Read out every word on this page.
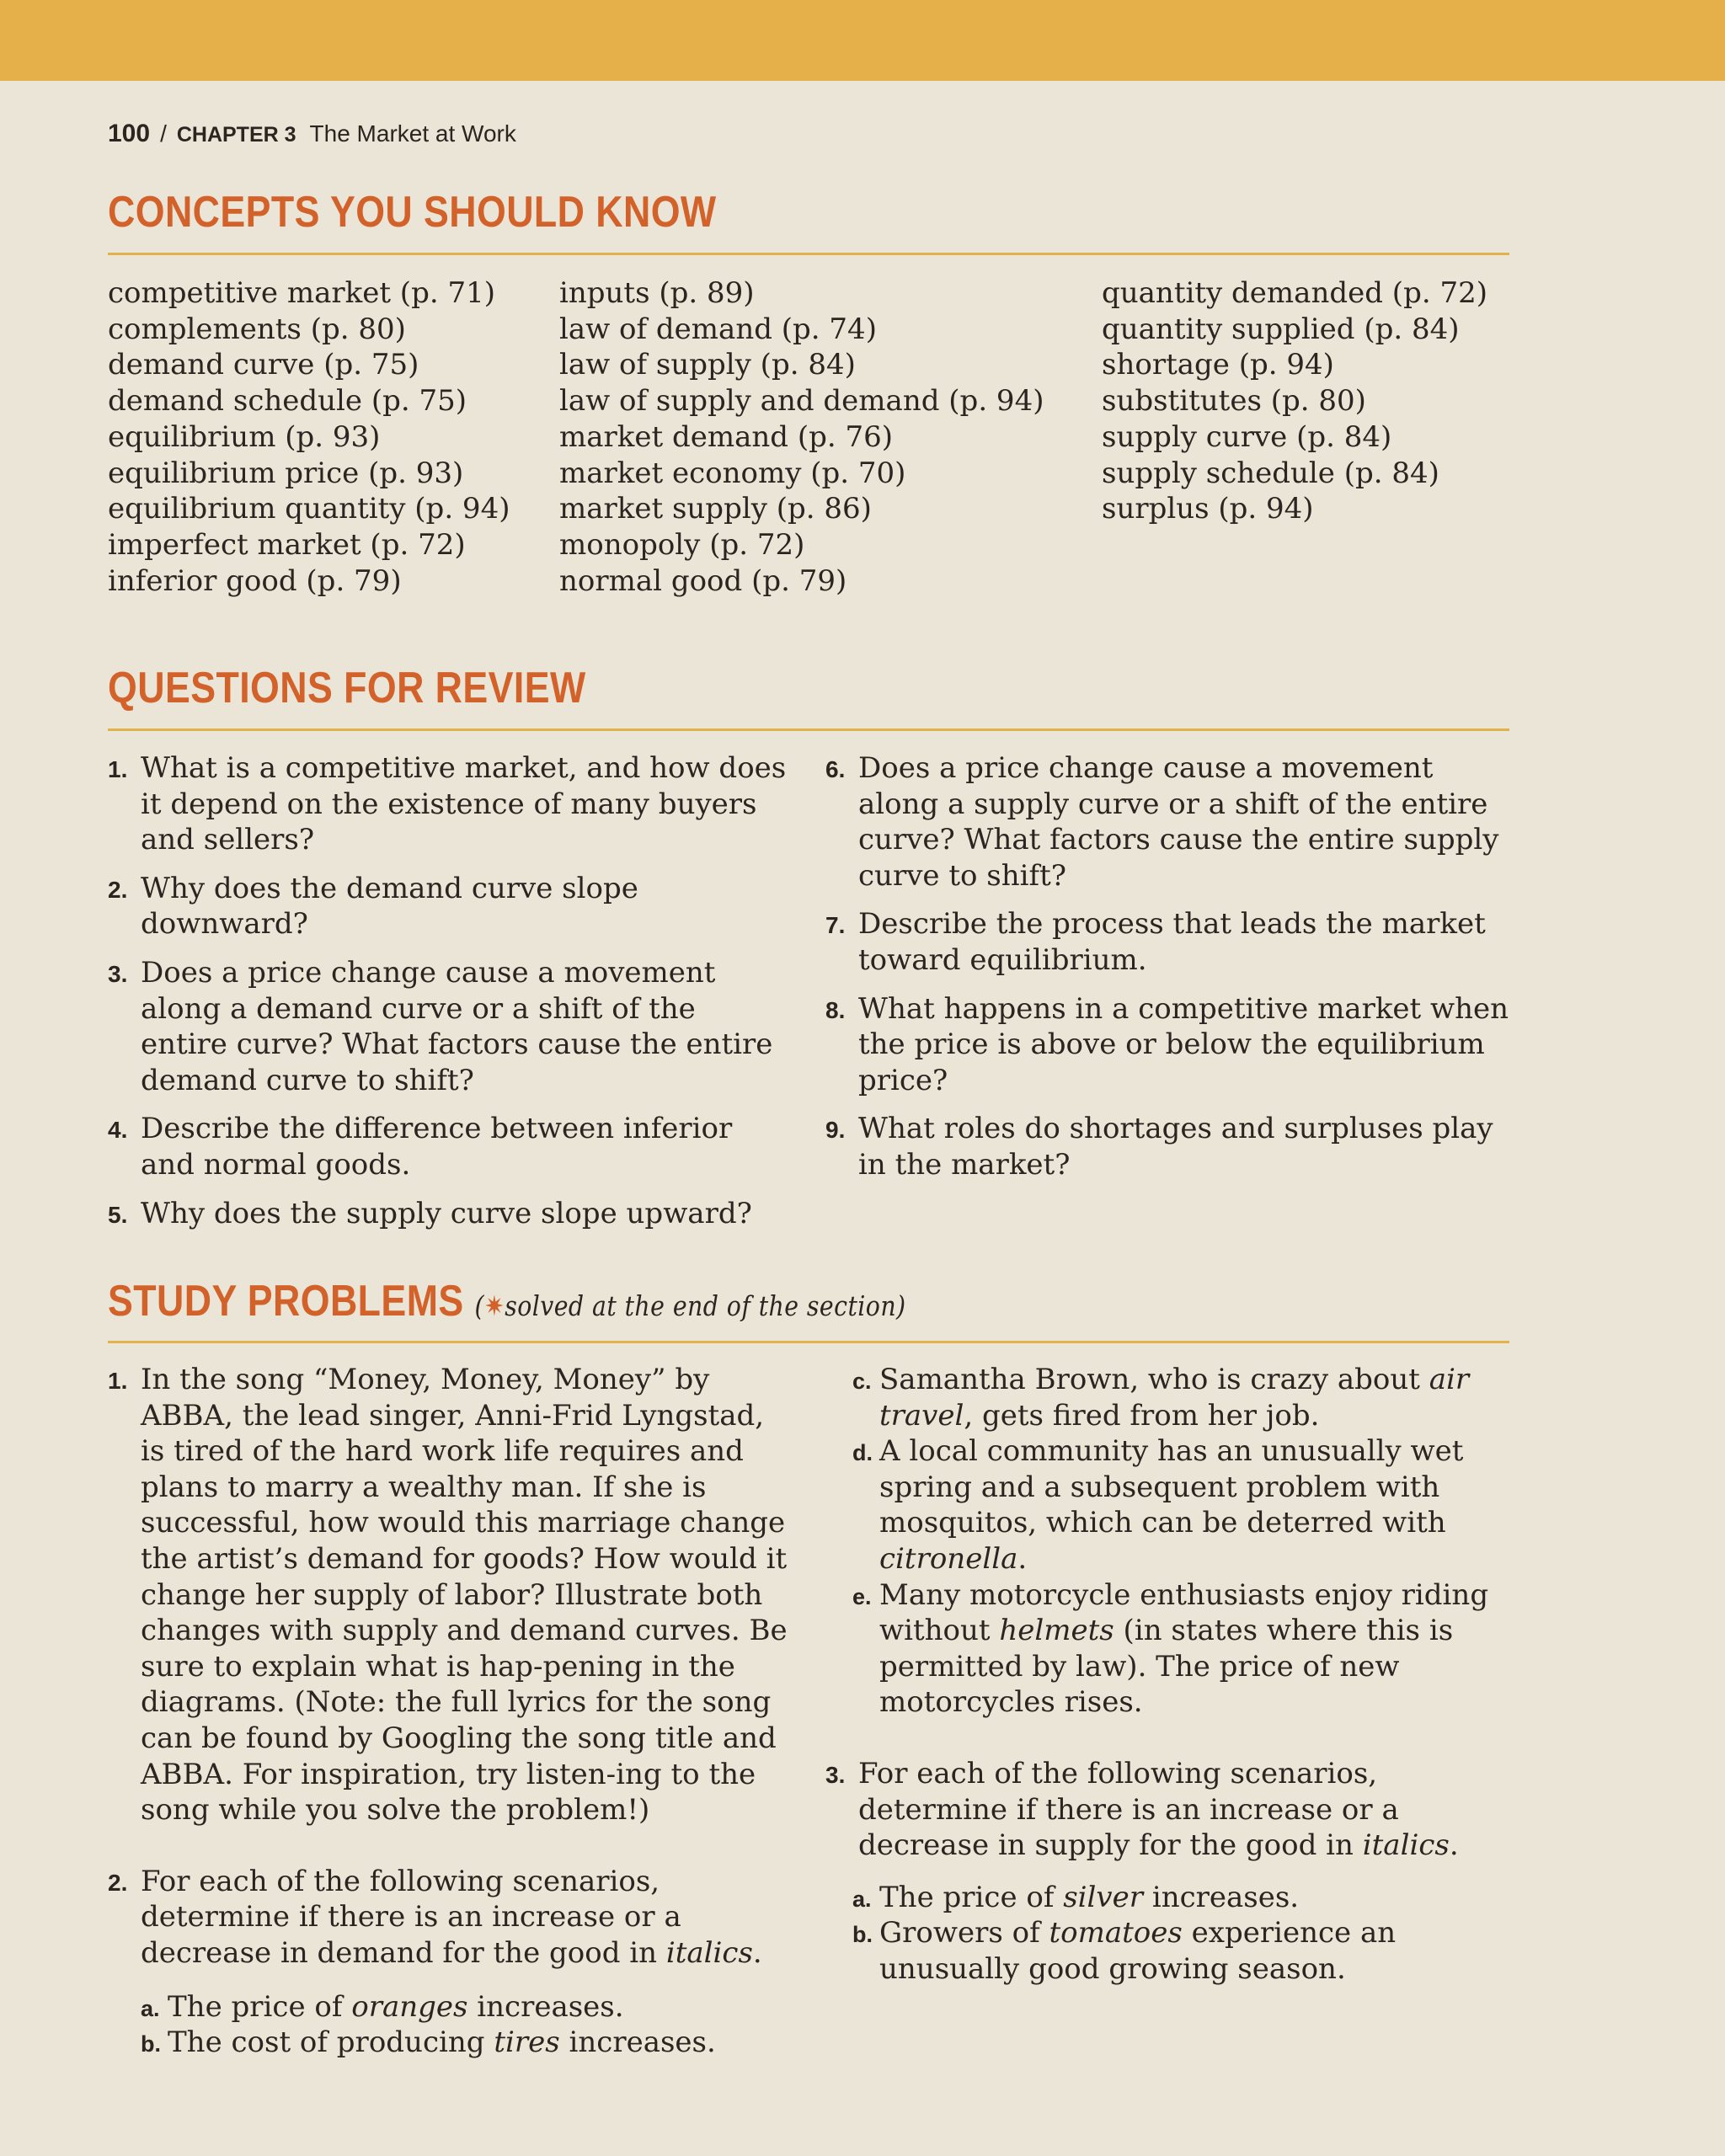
100 / CHAPTER 3 The Market at Work
CONCEPTS YOU SHOULD KNOW
competitive market (p. 71)
complements (p. 80)
demand curve (p. 75)
demand schedule (p. 75)
equilibrium (p. 93)
equilibrium price (p. 93)
equilibrium quantity (p. 94)
imperfect market (p. 72)
inferior good (p. 79)
inputs (p. 89)
law of demand (p. 74)
law of supply (p. 84)
law of supply and demand (p. 94)
market demand (p. 76)
market economy (p. 70)
market supply (p. 86)
monopoly (p. 72)
normal good (p. 79)
quantity demanded (p. 72)
quantity supplied (p. 84)
shortage (p. 94)
substitutes (p. 80)
supply curve (p. 84)
supply schedule (p. 84)
surplus (p. 94)
QUESTIONS FOR REVIEW
1. What is a competitive market, and how does it depend on the existence of many buyers and sellers?
2. Why does the demand curve slope downward?
3. Does a price change cause a movement along a demand curve or a shift of the entire curve? What factors cause the entire demand curve to shift?
4. Describe the difference between inferior and normal goods.
5. Why does the supply curve slope upward?
6. Does a price change cause a movement along a supply curve or a shift of the entire curve? What factors cause the entire supply curve to shift?
7. Describe the process that leads the market toward equilibrium.
8. What happens in a competitive market when the price is above or below the equilibrium price?
9. What roles do shortages and surpluses play in the market?
STUDY PROBLEMS (✷solved at the end of the section)
1. In the song “Money, Money, Money” by ABBA, the lead singer, Anni-Frid Lyngstad, is tired of the hard work life requires and plans to marry a wealthy man. If she is successful, how would this marriage change the artist’s demand for goods? How would it change her supply of labor? Illustrate both changes with supply and demand curves. Be sure to explain what is hap-pening in the diagrams. (Note: the full lyrics for the song can be found by Googling the song title and ABBA. For inspiration, try listen-ing to the song while you solve the problem!)
2. For each of the following scenarios, determine if there is an increase or a decrease in demand for the good in italics.
a. The price of oranges increases.
b. The cost of producing tires increases.
c. Samantha Brown, who is crazy about air travel, gets fired from her job.
d. A local community has an unusually wet spring and a subsequent problem with mosquitos, which can be deterred with citronella.
e. Many motorcycle enthusiasts enjoy riding without helmets (in states where this is permitted by law). The price of new motorcycles rises.
3. For each of the following scenarios, determine if there is an increase or a decrease in supply for the good in italics.
a. The price of silver increases.
b. Growers of tomatoes experience an unusually good growing season.
